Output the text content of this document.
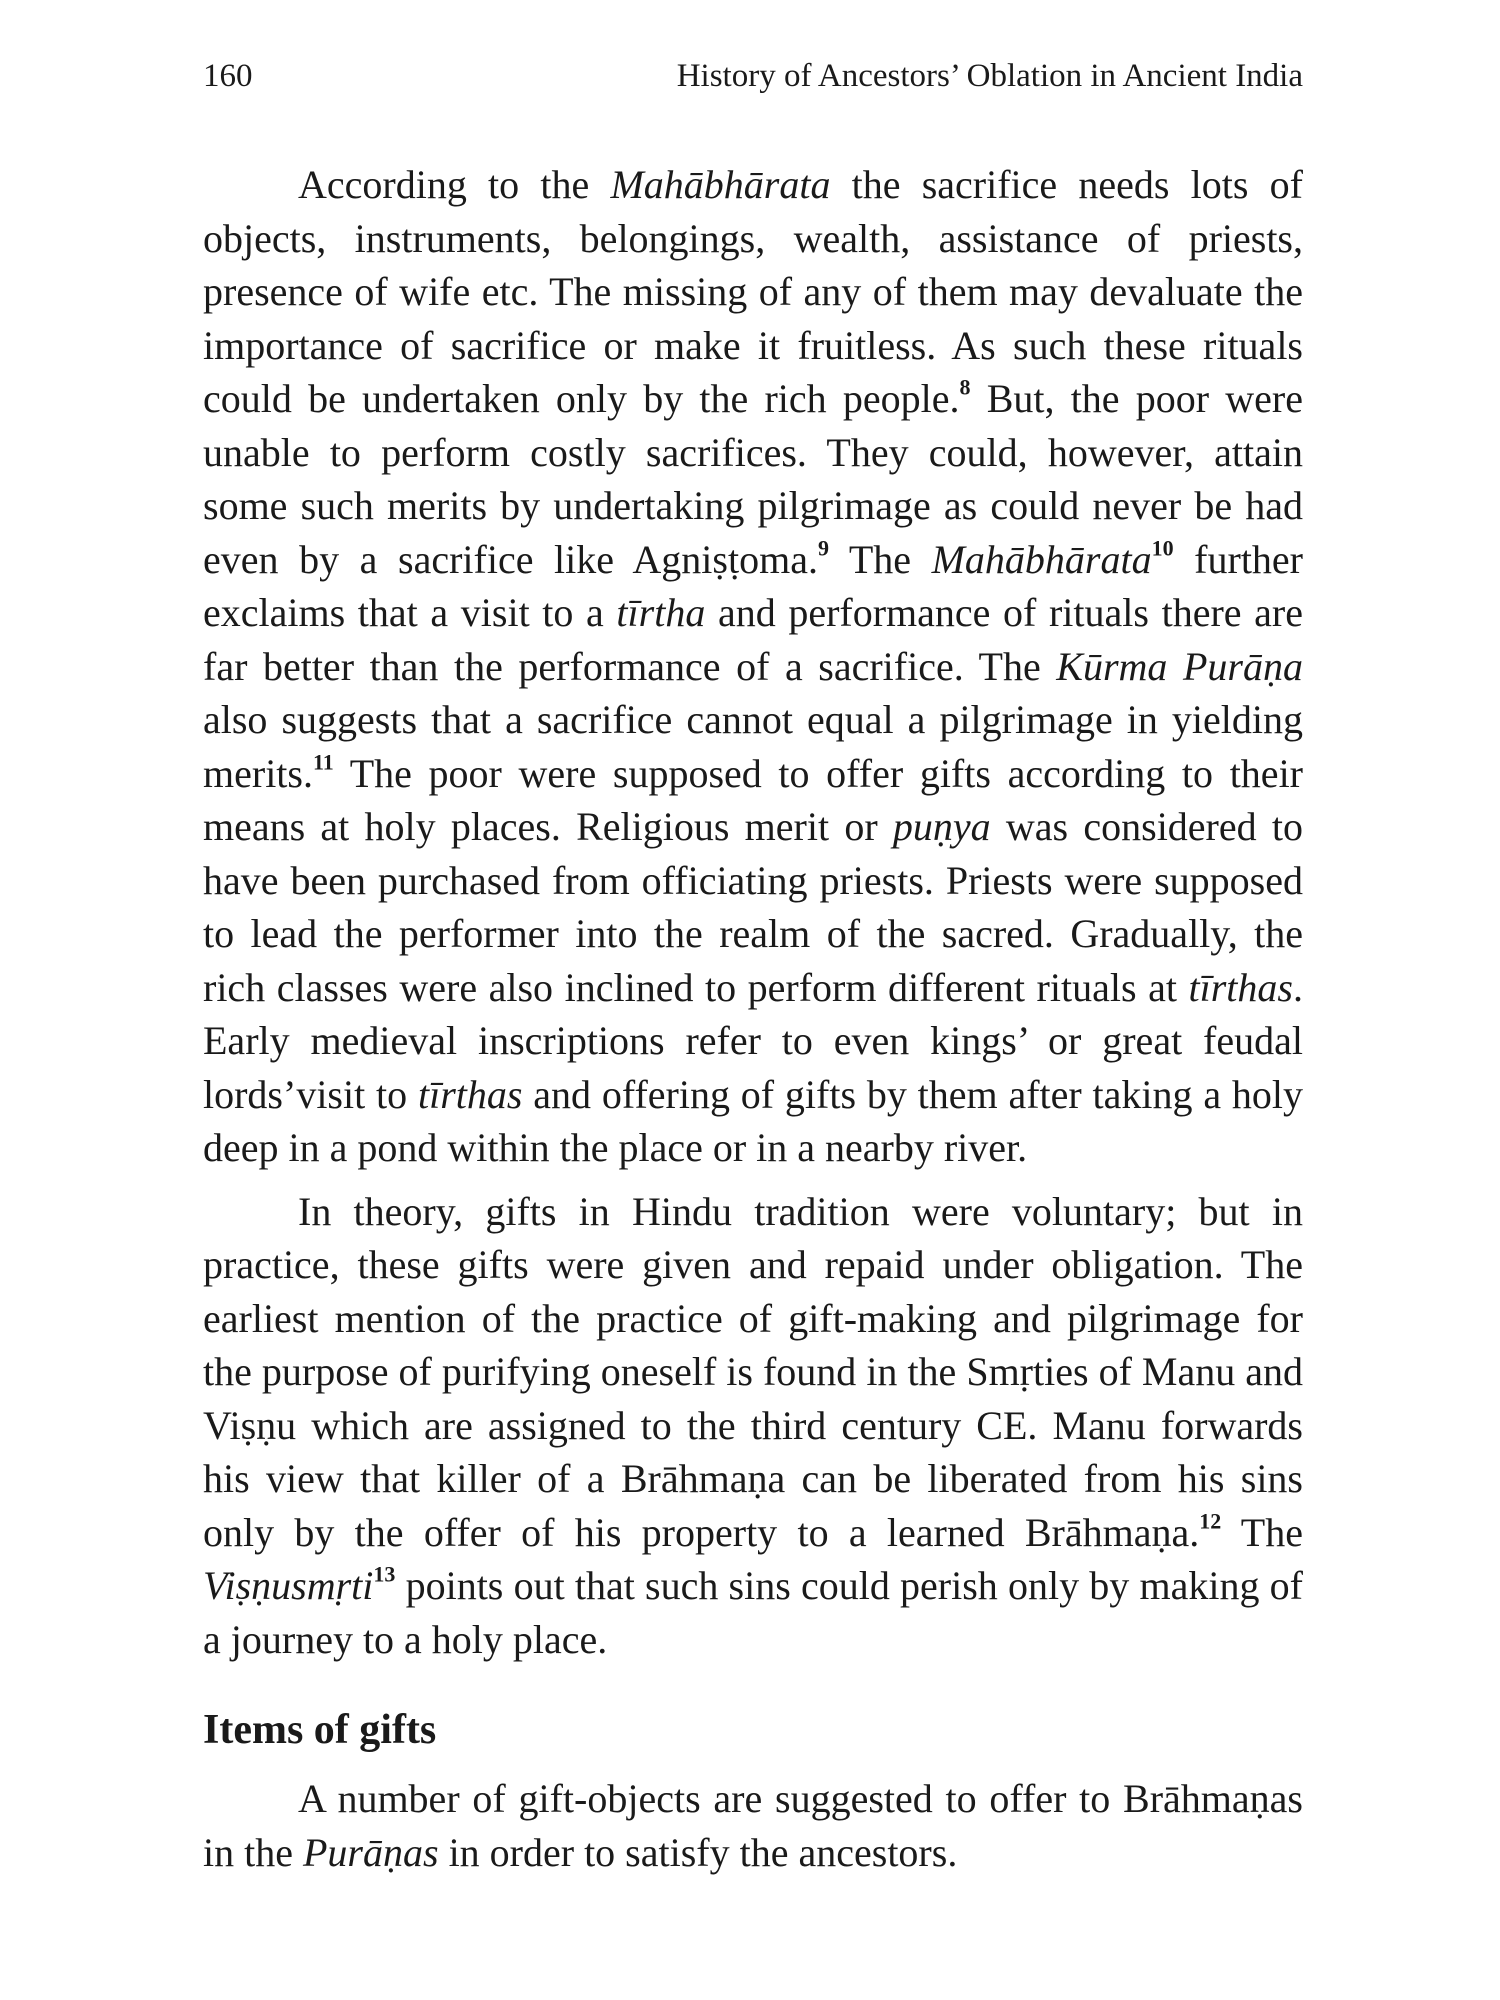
160	History of Ancestors’ Oblation in Ancient India

According to the Mahābhārata the sacrifice needs lots of objects, instruments, belongings, wealth, assistance of priests, presence of wife etc. The missing of any of them may devaluate the importance of sacrifice or make it fruitless. As such these rituals could be undertaken only by the rich people.$^8$ But, the poor were unable to perform costly sacrifices. They could, however, attain some such merits by undertaking pilgrimage as could never be had even by a sacrifice like Agniṣṭoma.$^9$ The Mahābhārata$^{10}$ further exclaims that a visit to a tīrtha and performance of rituals there are far better than the performance of a sacrifice. The Kūrma Purāṇa also suggests that a sacrifice cannot equal a pilgrimage in yielding merits.$^{11}$ The poor were supposed to offer gifts according to their means at holy places. Religious merit or puṇya was considered to have been purchased from officiating priests. Priests were supposed to lead the performer into the realm of the sacred. Gradually, the rich classes were also inclined to perform different rituals at tīrthas. Early medieval inscriptions refer to even kings’ or great feudal lords’visit to tīrthas and offering of gifts by them after taking a holy deep in a pond within the place or in a nearby river.

In theory, gifts in Hindu tradition were voluntary; but in practice, these gifts were given and repaid under obligation. The earliest mention of the practice of gift-making and pilgrimage for the purpose of purifying oneself is found in the Smṛties of Manu and Viṣṇu which are assigned to the third century CE. Manu forwards his view that killer of a Brāhmaṇa can be liberated from his sins only by the offer of his property to a learned Brāhmaṇa.$^{12}$ The Viṣṇusmṛti$^{13}$ points out that such sins could perish only by making of a journey to a holy place.

Items of gifts

A number of gift-objects are suggested to offer to Brāhmaṇas in the Purāṇas in order to satisfy the ancestors.
